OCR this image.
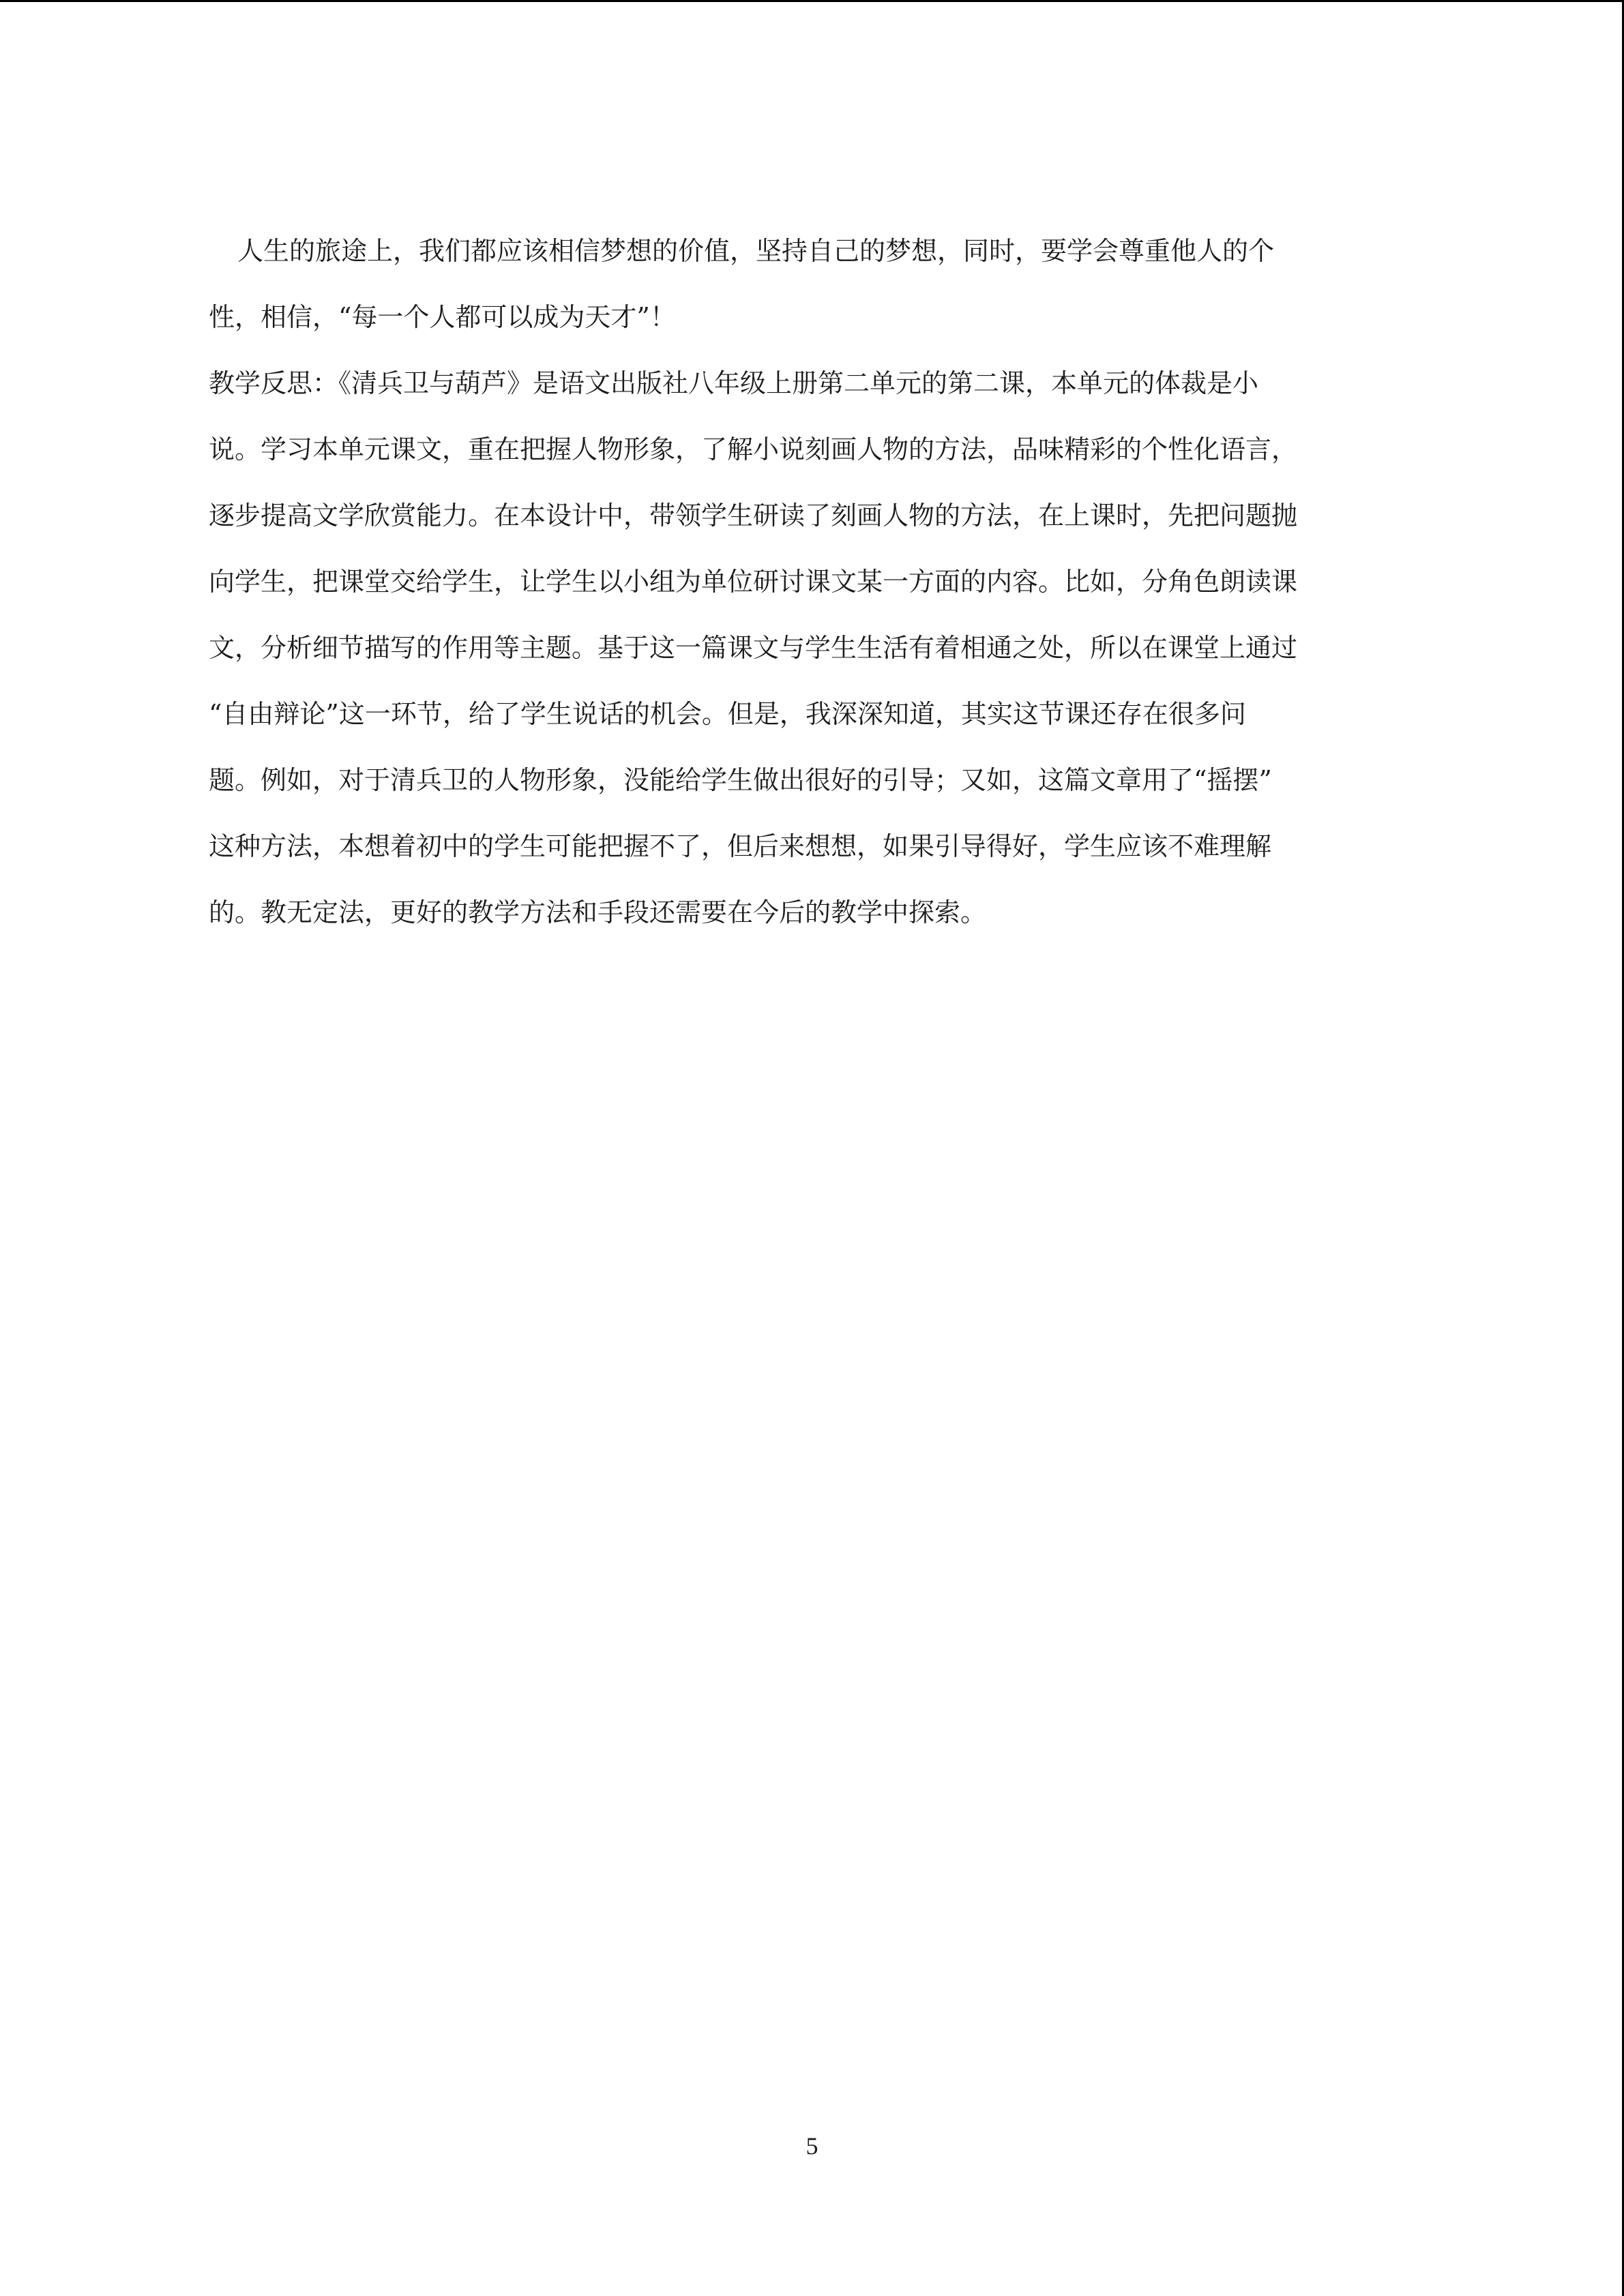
人生的旅途上，我们都应该相信梦想的价值，坚持自己的梦想，同时，要学会尊重他人的个
性，相信，“每一个人都可以成为天才”！
教学反思：《清兵卫与葫芦》是语文出版社八年级上册第二单元的第二课，本单元的体裁是小
说。学习本单元课文，重在把握人物形象，了解小说刻画人物的方法，品味精彩的个性化语言，
逐步提高文学欣赏能力。在本设计中，带领学生研读了刻画人物的方法，在上课时，先把问题抛
向学生，把课堂交给学生，让学生以小组为单位研讨课文某一方面的内容。比如，分角色朗读课
文，分析细节描写的作用等主题。基于这一篇课文与学生生活有着相通之处，所以在课堂上通过
“自由辩论”这一环节，给了学生说话的机会。但是，我深深知道，其实这节课还存在很多问
题。例如，对于清兵卫的人物形象，没能给学生做出很好的引导；又如，这篇文章用了“摇摆”
这种方法，本想着初中的学生可能把握不了，但后来想想，如果引导得好，学生应该不难理解
的。教无定法，更好的教学方法和手段还需要在今后的教学中探索。
5
